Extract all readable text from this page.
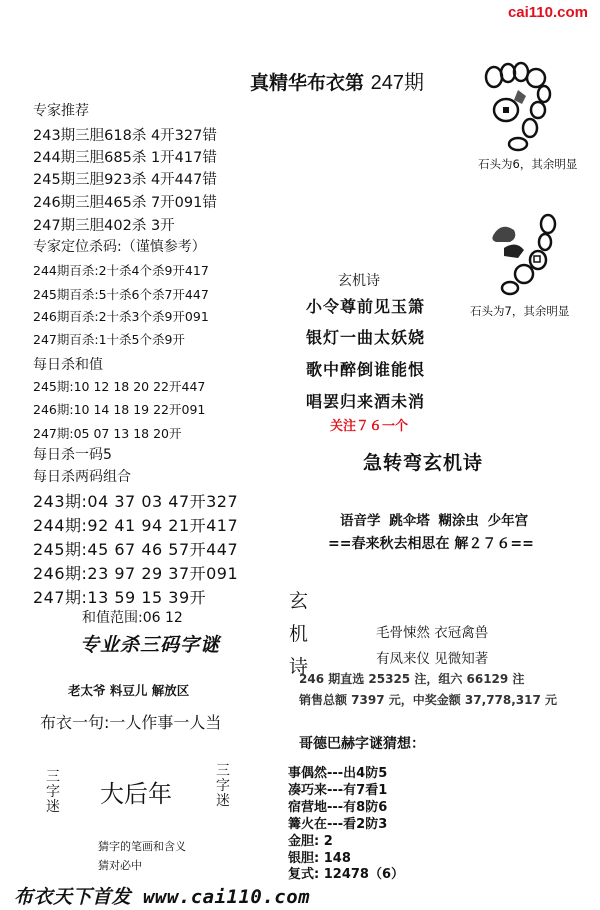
cai110.com
真精华布衣第 247期
专家推荐
243期三胆618杀 4开327错
244期三胆685杀 1开417错
245期三胆923杀 4开447错
246期三胆465杀 7开091错
247期三胆402杀 3开
专家定位杀码:（谨慎参考）
244期百杀:2十杀4个杀9开417
245期百杀:5十杀6个杀7开447
246期百杀:2十杀3个杀9开091
247期百杀:1十杀5个杀9开
每日杀和值
245期:10 12 18 20 22开447
246期:10 14 18 19 22开091
247期:05 07 13 18 20开
每日杀一码5
每日杀两码组合
243期:04 37 03 47开327
244期:92 41 94 21开417
245期:45 67 46 57开447
246期:23 97 29 37开091
247期:13 59 15 39开
和值范围:06 12
专业杀三码字谜
老太爷 料豆儿 解放区
布衣一句:一人作事一人当
三字迷 大后年
三字迷
猜字的笔画和含义
猜对必中
布衣天下首发 www.cai110.com
石头为6，其余明显
石头为7，其余明显
玄机诗
小令尊前见玉箫
银灯一曲太妖娆
歌中醉倒谁能恨
唱罢归来酒未消
关注７６一个
急转弯玄机诗
语音学 跳伞塔 糊涂虫 少年宫
==春来秋去相思在 解２７６==
玄
机
诗
毛骨悚然 衣冠禽兽
有凤来仪 见微知著
246 期直选 25325 注，组六 66129 注
销售总额 7397 元，中奖金额 37,778,317 元
哥德巴赫字谜猜想：
事偶然---出4防5
凑巧来---有7看1
宿营地---有8防6
篝火在---看2防3
金胆: 2
银胆: 148
复式: 12478（6）
